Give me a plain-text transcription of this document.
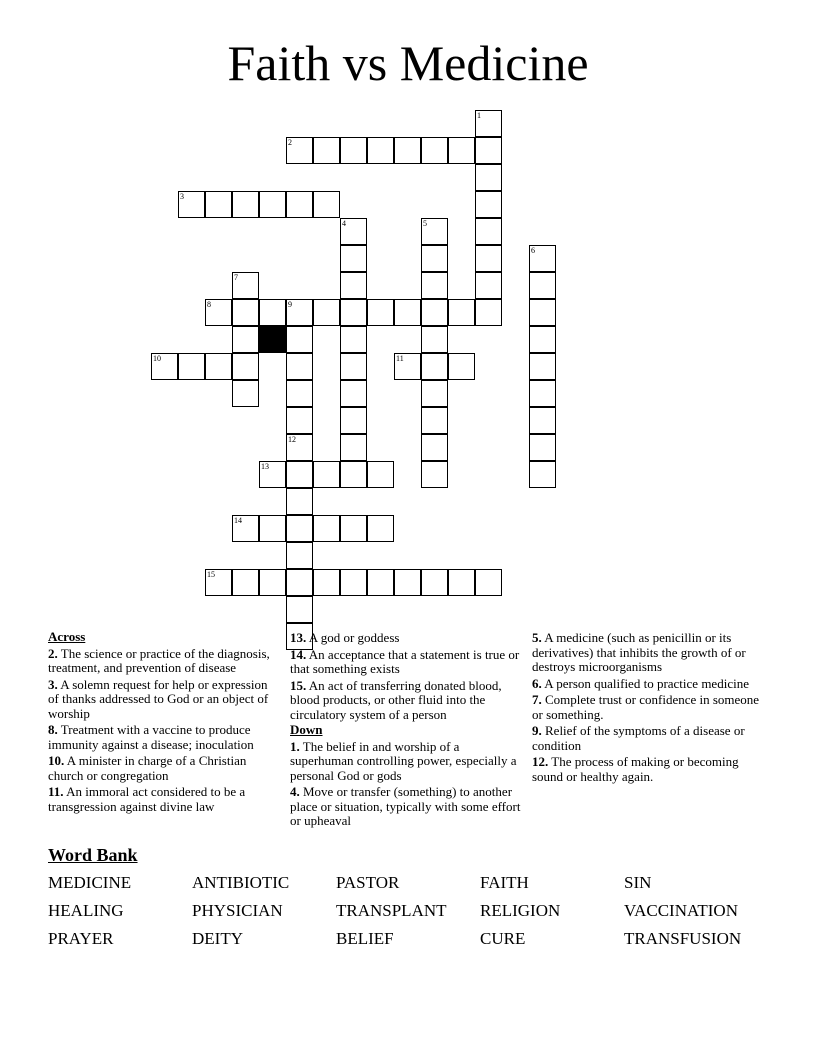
Faith vs Medicine
1
2
3
4	5
6
7
8	9
10	11
12
13
14
15
Across
2. The science or practice of the diagnosis, treatment, and prevention of disease
3. A solemn request for help or expression of thanks addressed to God or an object of worship
8. Treatment with a vaccine to produce immunity against a disease; inoculation
10. A minister in charge of a Christian church or congregation
11. An immoral act considered to be a transgression against divine law
13. A god or goddess
14. An acceptance that a statement is true or that something exists
15. An act of transferring donated blood, blood products, or other fluid into the circulatory system of a person
Down
1. The belief in and worship of a superhuman controlling power, especially a personal God or gods
4. Move or transfer (something) to another place or situation, typically with some effort or upheaval
5. A medicine (such as penicillin or its derivatives) that inhibits the growth of or destroys microorganisms
6. A person qualified to practice medicine
7. Complete trust or confidence in someone or something.
9. Relief of the symptoms of a disease or condition
12. The process of making or becoming sound or healthy again.
Word Bank
MEDICINE	ANTIBIOTIC	PASTOR	FAITH	SIN
HEALING	PHYSICIAN	TRANSPLANT RELIGION	VACCINATION
PRAYER	DEITY	BELIEF	CURE	TRANSFUSION
